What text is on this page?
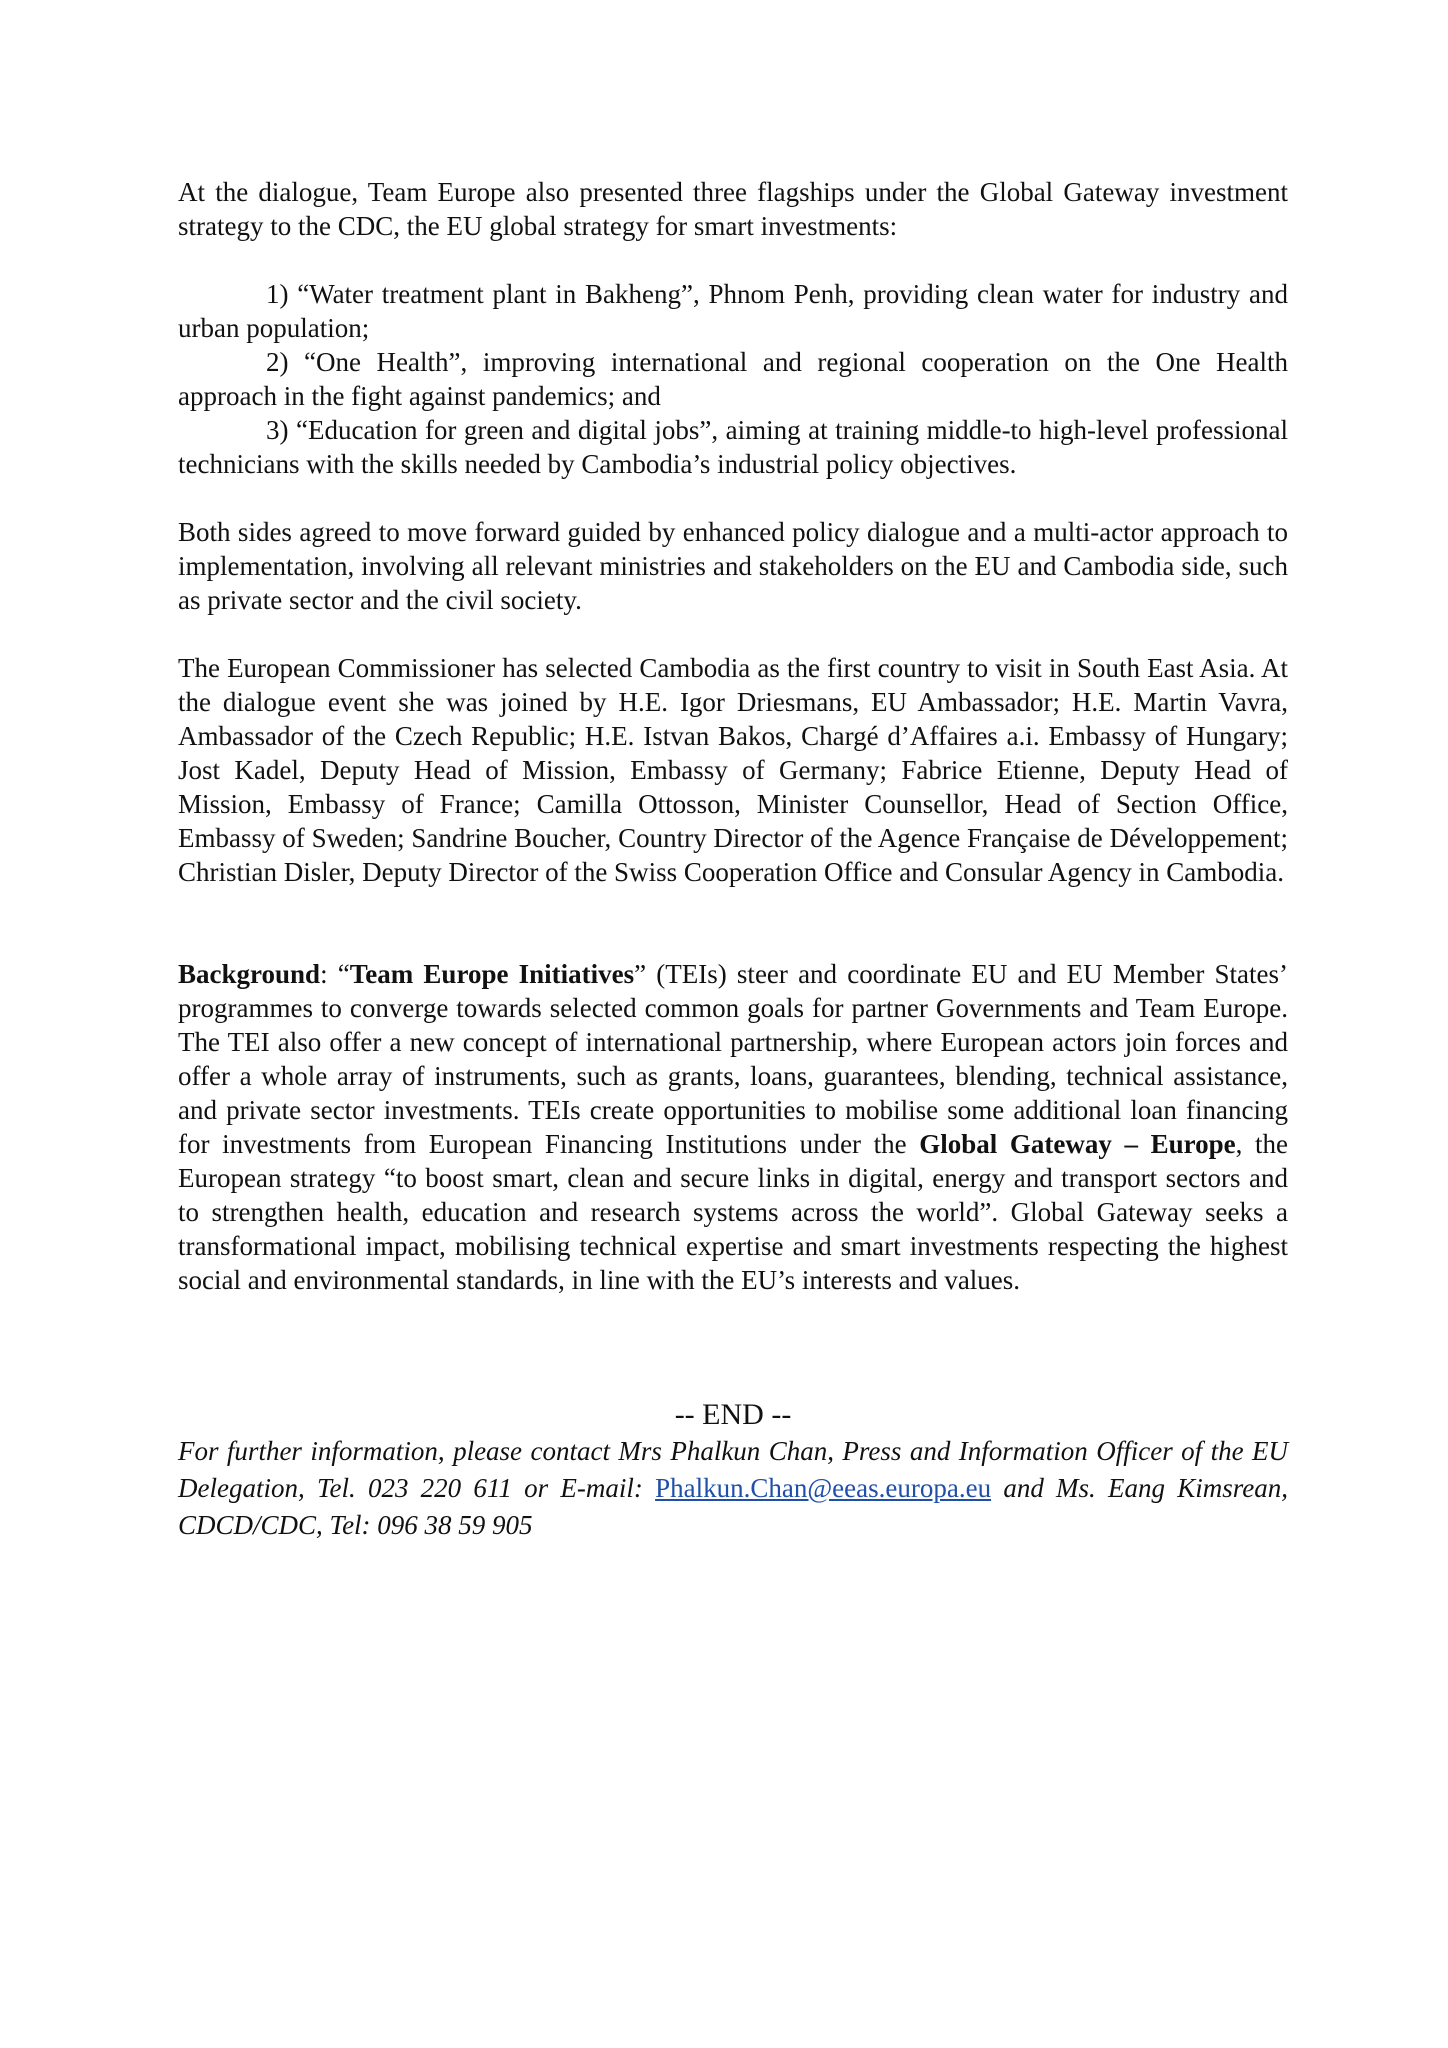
At the dialogue, Team Europe also presented three flagships under the Global Gateway investment strategy to the CDC, the EU global strategy for smart investments:

1) “Water treatment plant in Bakheng”, Phnom Penh, providing clean water for industry and urban population;

2) “One Health”, improving international and regional cooperation on the One Health approach in the fight against pandemics; and

3) “Education for green and digital jobs”, aiming at training middle-to high-level professional technicians with the skills needed by Cambodia’s industrial policy objectives.

Both sides agreed to move forward guided by enhanced policy dialogue and a multi-actor approach to implementation, involving all relevant ministries and stakeholders on the EU and Cambodia side, such as private sector and the civil society.

The European Commissioner has selected Cambodia as the first country to visit in South East Asia. At the dialogue event she was joined by H.E. Igor Driesmans, EU Ambassador; H.E. Martin Vavra, Ambassador of the Czech Republic; H.E. Istvan Bakos, Chargé d’Affaires a.i. Embassy of Hungary; Jost Kadel, Deputy Head of Mission, Embassy of Germany; Fabrice Etienne, Deputy Head of Mission, Embassy of France; Camilla Ottosson, Minister Counsellor, Head of Section Office, Embassy of Sweden; Sandrine Boucher, Country Director of the Agence Française de Développement; Christian Disler, Deputy Director of the Swiss Cooperation Office and Consular Agency in Cambodia.

Background: “Team Europe Initiatives” (TEIs) steer and coordinate EU and EU Member States’ programmes to converge towards selected common goals for partner Governments and Team Europe. The TEI also offer a new concept of international partnership, where European actors join forces and offer a whole array of instruments, such as grants, loans, guarantees, blending, technical assistance, and private sector investments. TEIs create opportunities to mobilise some additional loan financing for investments from European Financing Institutions under the Global Gateway – Europe, the European strategy “to boost smart, clean and secure links in digital, energy and transport sectors and to strengthen health, education and research systems across the world”. Global Gateway seeks a transformational impact, mobilising technical expertise and smart investments respecting the highest social and environmental standards, in line with the EU’s interests and values.

-- END --

For further information, please contact Mrs Phalkun Chan, Press and Information Officer of the EU Delegation, Tel. 023 220 611 or E-mail: Phalkun.Chan@eeas.europa.eu and Ms. Eang Kimsrean, CDCD/CDC, Tel: 096 38 59 905
